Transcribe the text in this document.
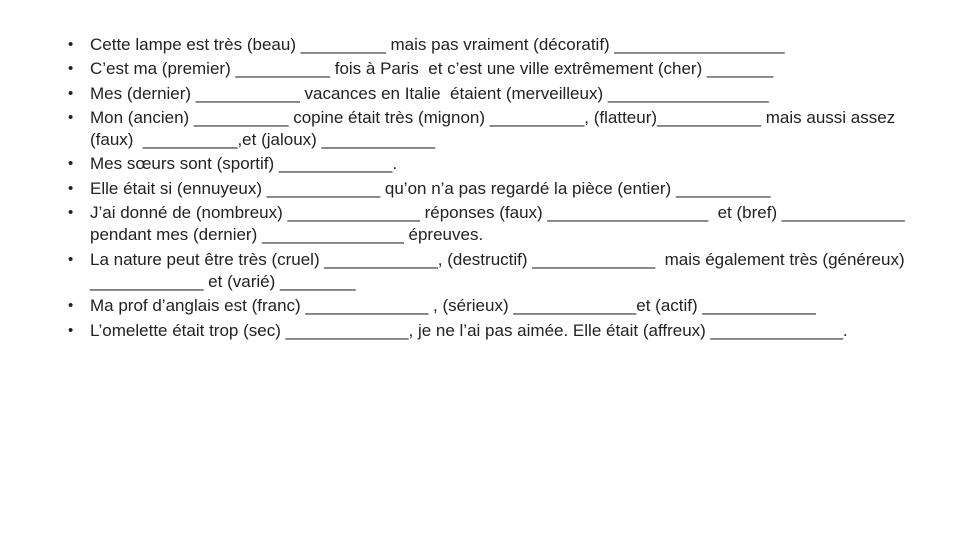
• Cette lampe est très (beau) _________ mais pas vraiment (décoratif) __________________
• C’est ma (premier) __________ fois à Paris  et c’est une ville extrêmement (cher) _______
• Mes (dernier) ___________ vacances en Italie  étaient (merveilleux) _________________
• Mon (ancien) __________ copine était très (mignon) __________, (flatteur)___________ mais aussi assez (faux)  __________,et (jaloux) ____________
• Mes sœurs sont (sportif) ____________.
• Elle était si (ennuyeux) ____________ qu’on n’a pas regardé la pièce (entier) __________
• J’ai donné de (nombreux) ______________ réponses (faux) _________________  et (bref) _____________ pendant mes (dernier) _______________ épreuves.
• La nature peut être très (cruel) ____________, (destructif) _____________  mais également très (généreux) ____________ et (varié) ________
• Ma prof d’anglais est (franc) _____________ , (sérieux) _____________et (actif) ____________
• L’omelette était trop (sec) _____________, je ne l’ai pas aimée. Elle était (affreux) ______________.
